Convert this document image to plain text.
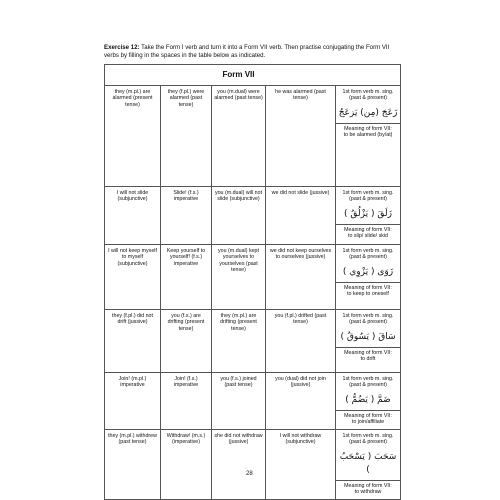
Exercise 12: Take the Form I verb and turn it into a Form VII verb. Then practise conjugating the Form VII verbs by filling in the spaces in the table below as indicated.
		Form VII		
they (m.pl.) are alarmed (present tense)	they (f.pl.) were alarmed (past tense)	you (m.dual) were alarmed (past tense)	he was alarmed (past tense)	1st form verb m. sing. (past & present)
زَعَجَ (مِن) يَزعَجُ
Meaning of form VII:
to be alarmed (by/at)

I will not slide (subjunctive)	Slide! (f.s.) imperative	you (m.dual) will not slide (subjunctive)	we did not slide (jussive)	1st form verb m. sing. (past & present)
زَلَقَ ( يَزْلُقُ )
Meaning of form VII:
to slip/ slide/ skid

I will not keep myself to myself (subjunctive)	Keep yourself to yourself! (f.s.) imperative	you (m.dual) kept yourselves to yourselves (past tense)	we did not keep ourselves to ourselves (jussive)	1st form verb m. sing. (past & present)
زَوَى ( يَزْوِي )
Meaning of form VII:
to keep to oneself

they (f.pl.) did not drift (jussive)	you (f.s.) are drifting (present tense)	they (m.pl.) are drifting (present tense)	you (f.pl.) drifted (past tense)	1st form verb m. sing. (past & present)
سَاقَ ( يَسُوقُ )
Meaning of form VII:
to drift

Join! (m.pl.) imperative	Join! (f.s.) imperative	you (f.s.) joined (past tense)	you (dual) did not join (jussive)	1st form verb m. sing. (past & present)
ضَمَّ ( يَضُمُّ )
Meaning of form VII:
to join/affiliate

they (m.pl.) withdrew (past tense)	Withdraw! (m.s.) (imperative)	she did not withdraw (jussive)	I will not withdraw (subjunctive)	1st form verb m. sing. (past & present)
سَحَبَ ( يَسْحَبُ )
Meaning of form VII:
to withdraw
28
